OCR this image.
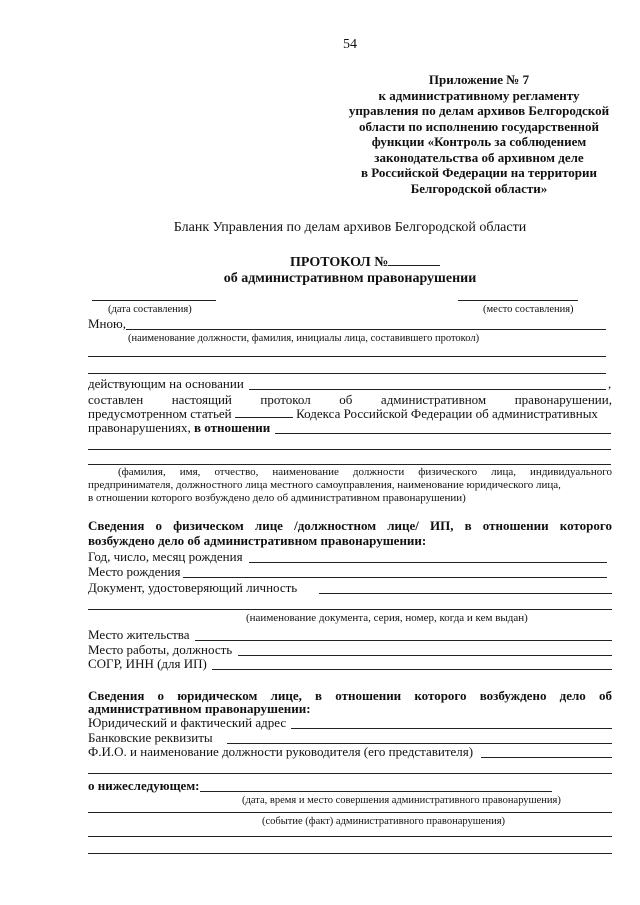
54
Приложение № 7
к административному регламенту
управления по делам архивов Белгородской
области по исполнению государственной
функции «Контроль за соблюдением
законодательства об архивном деле
в Российской Федерации на территории
Белгородской области»
Бланк Управления по делам архивов Белгородской области
ПРОТОКОЛ №
об административном правонарушении
(дата составления)	(место составления)
Мною,
(наименование должности, фамилия, инициалы лица, составившего протокол)
действующим на основании	,
составлен настоящий протокол об административном правонарушении,
предусмотренном статьей	Кодекса Российской Федерации об административных
правонарушениях, в отношении
(фамилия, имя, отчество, наименование должности физического лица, индивидуального
предпринимателя, должностного лица местного самоуправления, наименование юридического лица,
в отношении которого возбуждено дело об административном правонарушении)
Сведения о физическом лице /должностном лице/ ИП, в отношении которого
возбуждено дело об административном правонарушении:
Год, число, месяц рождения
Место рождения
Документ, удостоверяющий личность
(наименование документа, серия, номер, когда и кем выдан)
Место жительства
Место работы, должность
СОГР, ИНН (для ИП)
Сведения о юридическом лице, в отношении которого возбуждено дело об
административном правонарушении:
Юридический и фактический адрес
Банковские реквизиты
Ф.И.О. и наименование должности руководителя (его представителя)
о нижеследующем:
(дата, время и место совершения административного правонарушения)
(событие (факт) административного правонарушения)
